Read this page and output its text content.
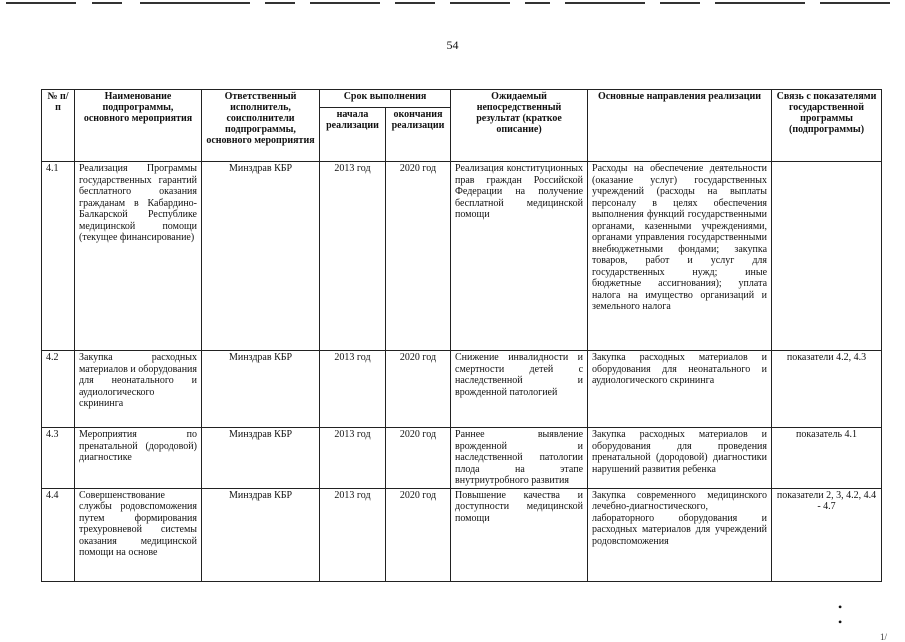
54
№ п/п	Наименование подпрограммы, основного мероприятия	Ответственный исполнитель, соисполнители подпрограммы, основного мероприятия	Срок выполнения		Ожидаемый непосредственный результат (краткое описание)	Основные направления реализации	Связь с показателями государственной программы (подпрограммы)
			начала реализации	окончания реализации			
4.1	Реализация Программы государственных гарантий бесплатного оказания гражданам в Кабардино-Балкарской Республике медицинской помощи (текущее финансирование)	Минздрав КБР	2013 год	2020 год	Реализация конституционных прав граждан Российской Федерации на получение бесплатной медицинской помощи	Расходы на обеспечение деятельности (оказание услуг) государственных учреждений (расходы на выплаты персоналу в целях обеспечения выполнения функций государственными органами, казенными учреждениями, органами управления государственными внебюджетными фондами; закупка товаров, работ и услуг для государственных нужд; иные бюджетные ассигнования); уплата налога на имущество организаций и земельного налога	
4.2	Закупка расходных материалов и оборудования для неонатального и аудиологического скрининга	Минздрав КБР	2013 год	2020 год	Снижение инвалидности и смертности детей с наследственной и врожденной патологией	Закупка расходных материалов и оборудования для неонатального и аудиологического скрининга	показатели 4.2, 4.3
4.3	Мероприятия по пренатальной (дородовой) диагностике	Минздрав КБР	2013 год	2020 год	Раннее выявление врожденной и наследственной патологии плода на этапе внутриутробного развития	Закупка расходных материалов и оборудования для проведения пренатальной (дородовой) диагностики нарушений развития ребенка	показатель 4.1
4.4	Совершенствование службы родовспоможения путем формирования трехуровневой системы оказания медицинской помощи на основе	Минздрав КБР	2013 год	2020 год	Повышение качества и доступности медицинской помощи	Закупка современного медицинского лечебно-диагностического, лабораторного оборудования и расходных материалов для учреждений родовспоможения	показатели 2, 3, 4.2, 4.4 - 4.7
• •
1/
